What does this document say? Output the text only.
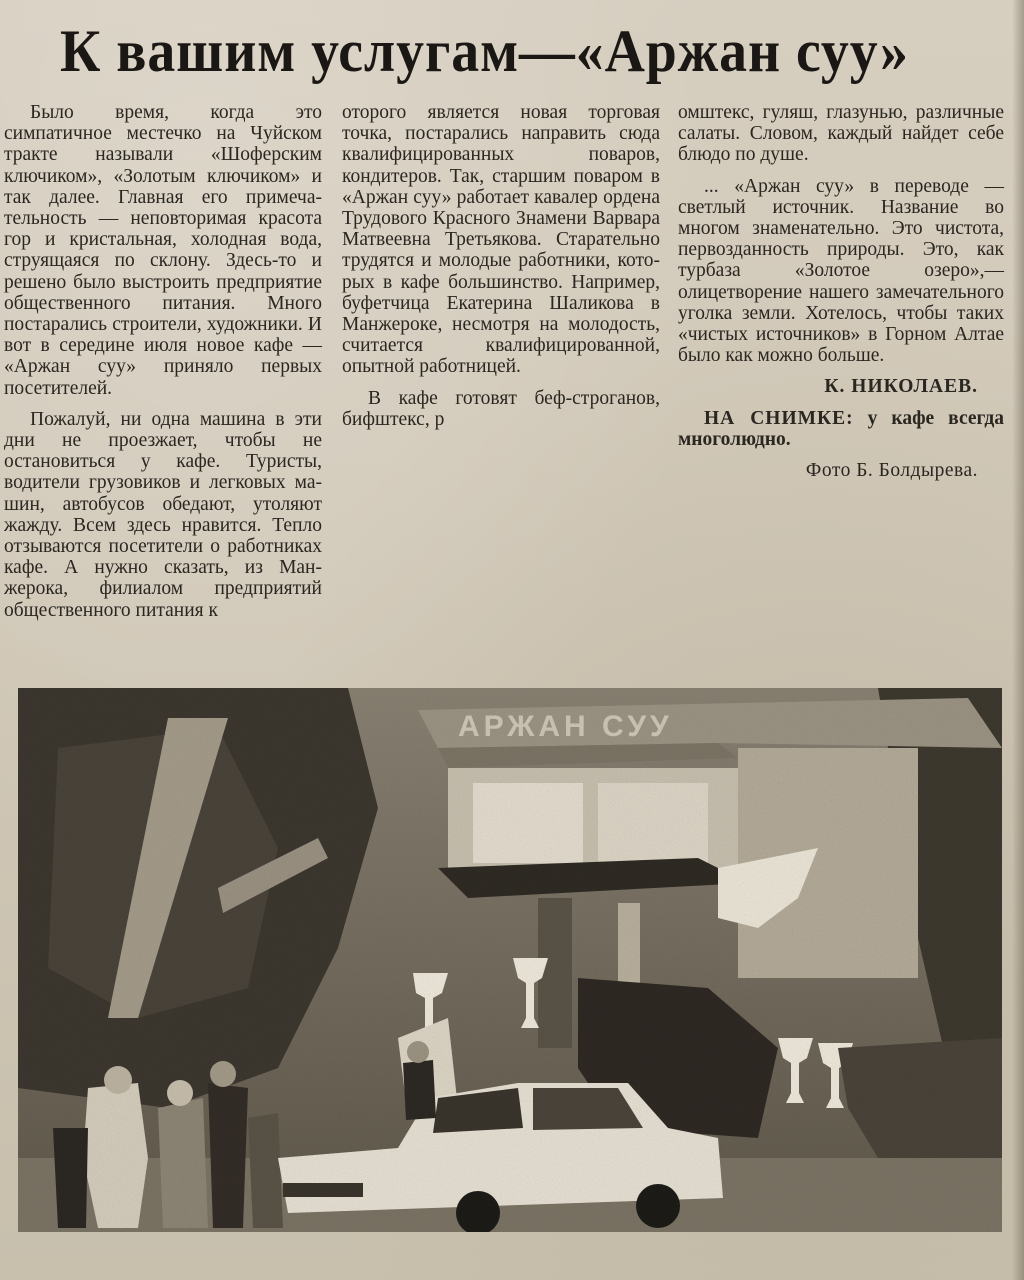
К вашим услугам—«Аржан суу»

Было время, когда это симпатичное местечко на Чуйском тракте называли «Шоферским ключиком», «Золотым ключиком» и так далее. Главная его примечательность — неповторимая красота гор и кристальная, холодная вода, струящаяся по склону. Здесь-то и решено было выстроить предприятие общественного питания. Много постарались строители, художники. И вот в середине июля новое кафе — «Аржан суу» приняло первых посетителей.

Пожалуй, ни одна машина в эти дни не проезжает, чтобы не остановиться у кафе. Туристы, водители грузовиков и легковых машин, автобусов обедают, утоляют жажду. Всем здесь нравится. Тепло отзываются посетители о работниках кафе. А нужно сказать, из Манжерока, филиалом предприятий общественного питания к

оторого является новая торговая точка, постарались направить сюда квалифицированных поваров, кондитеров. Так, старшим поваром в «Аржан суу» работает кавалер ордена Трудового Красного Знамени Варвара Матвеевна Третьякова. Старательно трудятся и молодые работники, которых в кафе большинство. Например, буфетчица Екатерина Шаликова в Манжероке, несмотря на молодость, считается квалифицированной, опытной работницей.

В кафе готовят беф-строганов, бифштекс, р

омштекс, гуляш, глазунью, различные салаты. Словом, каждый найдет себе блюдо по душе.

... «Аржан суу» в переводе — светлый источник. Название во многом знаменательно. Это чистота, первозданность природы. Это, как турбаза «Золотое озеро»,—олицетворение нашего замечательного уголка земли. Хотелось, чтобы таких «чистых источников» в Горном Алтае было как можно больше.

К. НИКОЛАЕВ.

НА СНИМКЕ: у кафе всегда многолюдно.

Фото Б. Болдырева.

АРЖАН СУУ
